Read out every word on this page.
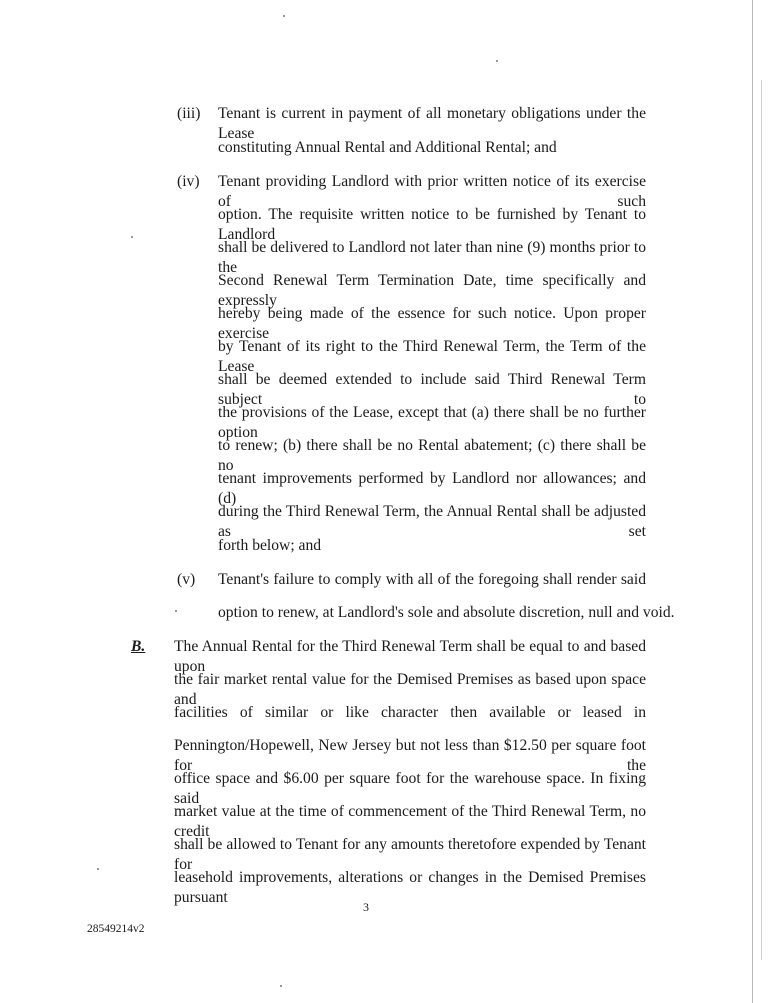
(iii) Tenant is current in payment of all monetary obligations under the Lease
constituting Annual Rental and Additional Rental; and
(iv) Tenant providing Landlord with prior written notice of its exercise of such
option. The requisite written notice to be furnished by Tenant to Landlord
shall be delivered to Landlord not later than nine (9) months prior to the
Second Renewal Term Termination Date, time specifically and expressly
hereby being made of the essence for such notice. Upon proper exercise
by Tenant of its right to the Third Renewal Term, the Term of the Lease
shall be deemed extended to include said Third Renewal Term subject to
the provisions of the Lease, except that (a) there shall be no further option
to renew; (b) there shall be no Rental abatement; (c) there shall be no
tenant improvements performed by Landlord nor allowances; and (d)
during the Third Renewal Term, the Annual Rental shall be adjusted as set
forth below; and
(v) Tenant's failure to comply with all of the foregoing shall render said
option to renew, at Landlord's sole and absolute discretion, null and void.
B. The Annual Rental for the Third Renewal Term shall be equal to and based upon
the fair market rental value for the Demised Premises as based upon space and
facilities of similar or like character then available or leased in
Pennington/Hopewell, New Jersey but not less than $12.50 per square foot for the
office space and $6.00 per square foot for the warehouse space. In fixing said
market value at the time of commencement of the Third Renewal Term, no credit
shall be allowed to Tenant for any amounts theretofore expended by Tenant for
leasehold improvements, alterations or changes in the Demised Premises pursuant
3
28549214v2
